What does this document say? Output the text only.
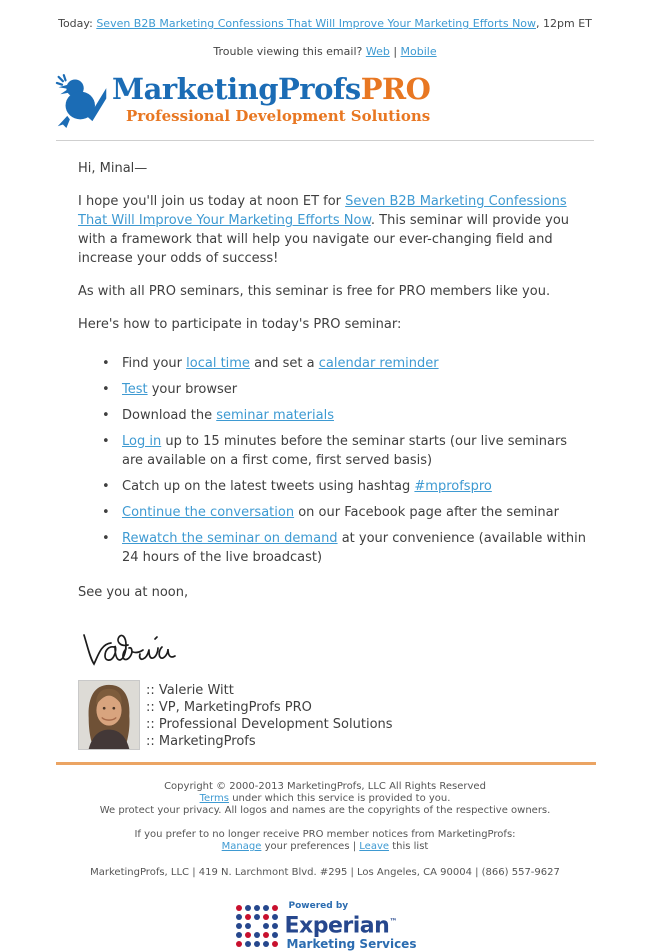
Today: Seven B2B Marketing Confessions That Will Improve Your Marketing Efforts Now, 12pm ET
Trouble viewing this email? Web | Mobile
MarketingProfsPRO
Professional Development Solutions

Hi, Minal—

I hope you'll join us today at noon ET for Seven B2B Marketing Confessions That Will Improve Your Marketing Efforts Now. This seminar will provide you with a framework that will help you navigate our ever-changing field and increase your odds of success!

As with all PRO seminars, this seminar is free for PRO members like you.

Here's how to participate in today's PRO seminar:

• Find your local time and set a calendar reminder
• Test your browser
• Download the seminar materials
• Log in up to 15 minutes before the seminar starts (our live seminars are available on a first come, first served basis)
• Catch up on the latest tweets using hashtag #mprofspro
• Continue the conversation on our Facebook page after the seminar
• Rewatch the seminar on demand at your convenience (available within 24 hours of the live broadcast)

See you at noon,

:: Valerie Witt
:: VP, MarketingProfs PRO
:: Professional Development Solutions
:: MarketingProfs
Copyright © 2000-2013 MarketingProfs, LLC All Rights Reserved
Terms under which this service is provided to you.
We protect your privacy. All logos and names are the copyrights of the respective owners.
If you prefer to no longer receive PRO member notices from MarketingProfs:
Manage your preferences | Leave this list
MarketingProfs, LLC | 419 N. Larchmont Blvd. #295 | Los Angeles, CA 90004 | (866) 557-9627
Powered by
Experian™
Marketing Services
